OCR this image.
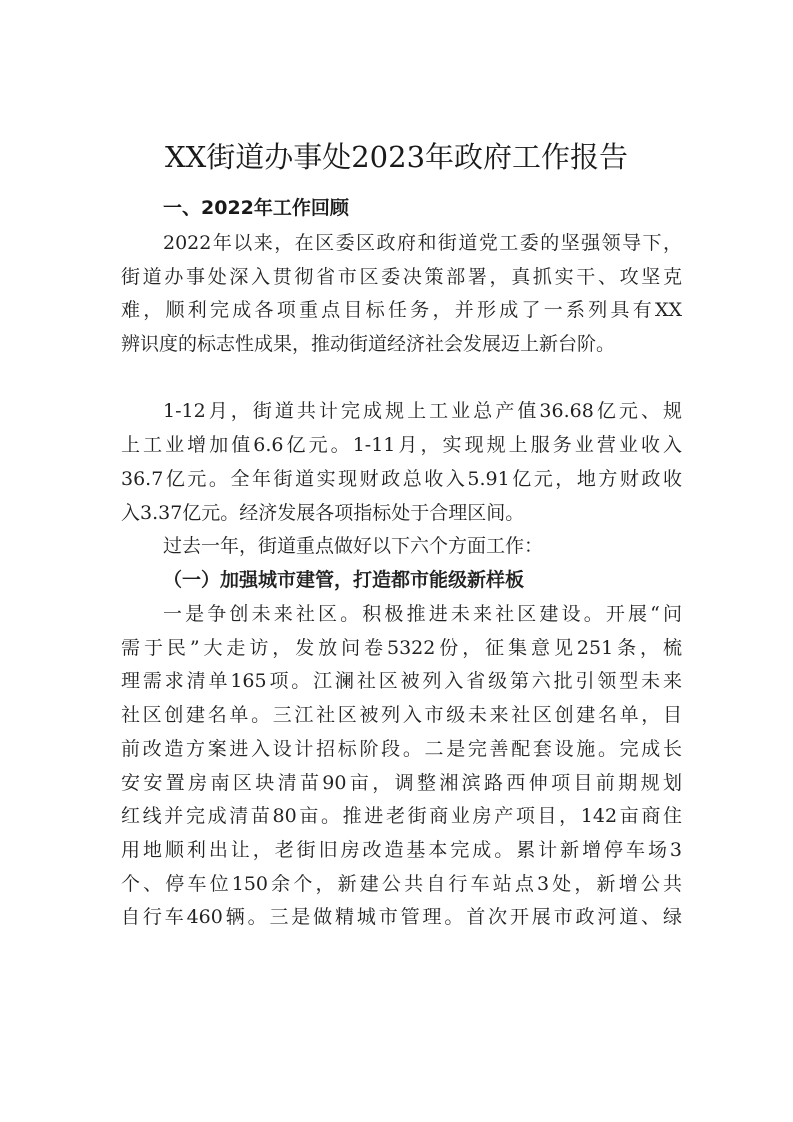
XX街道办事处2023年政府工作报告
一、2022年工作回顾
2022年以来，在区委区政府和街道党工委的坚强领导下，
街道办事处深入贯彻省市区委决策部署，真抓实干、攻坚克
难，顺利完成各项重点目标任务，并形成了一系列具有XX
辨识度的标志性成果，推动街道经济社会发展迈上新台阶。
1-12月，街道共计完成规上工业总产值36.68亿元、规
上工业增加值6.6亿元。1-11月，实现规上服务业营业收入
36.7亿元。全年街道实现财政总收入5.91亿元，地方财政收
入3.37亿元。经济发展各项指标处于合理区间。
过去一年，街道重点做好以下六个方面工作：
（一）加强城市建管，打造都市能级新样板
一是争创未来社区。积极推进未来社区建设。开展“问
需于民”大走访，发放问卷5322份，征集意见251条，梳
理需求清单165项。江澜社区被列入省级第六批引领型未来
社区创建名单。三江社区被列入市级未来社区创建名单，目
前改造方案进入设计招标阶段。二是完善配套设施。完成长
安安置房南区块清苗90亩，调整湘滨路西伸项目前期规划
红线并完成清苗80亩。推进老街商业房产项目，142亩商住
用地顺利出让，老街旧房改造基本完成。累计新增停车场3
个、停车位150余个，新建公共自行车站点3处，新增公共
自行车460辆。三是做精城市管理。首次开展市政河道、绿
